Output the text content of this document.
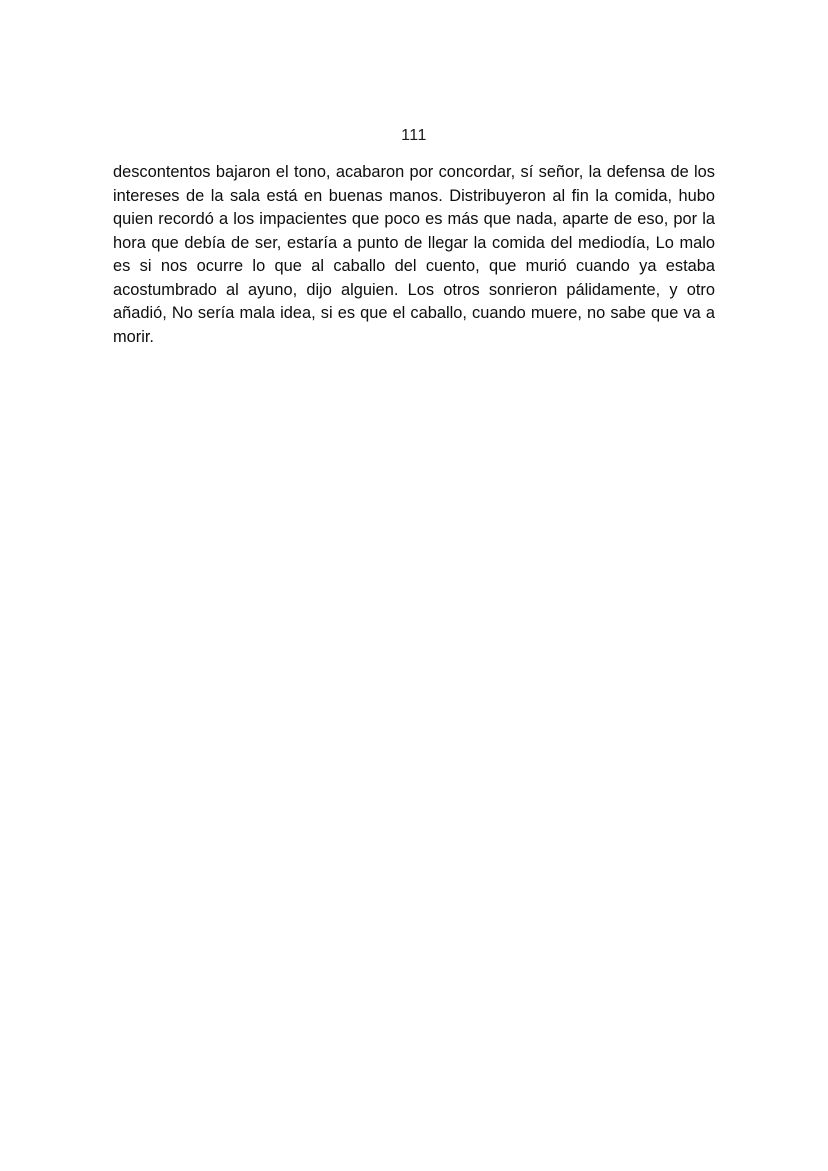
111

descontentos bajaron el tono, acabaron por concordar, sí señor, la defensa de los intereses de la sala está en buenas manos. Distribuyeron al fin la comida, hubo quien recordó a los impacientes que poco es más que nada, aparte de eso, por la hora que debía de ser, estaría a punto de llegar la comida del mediodía, Lo malo es si nos ocurre lo que al caballo del cuento, que murió cuando ya estaba acostumbrado al ayuno, dijo alguien. Los otros sonrieron pálidamente, y otro añadió, No sería mala idea, si es que el caballo, cuando muere, no sabe que va a morir.
